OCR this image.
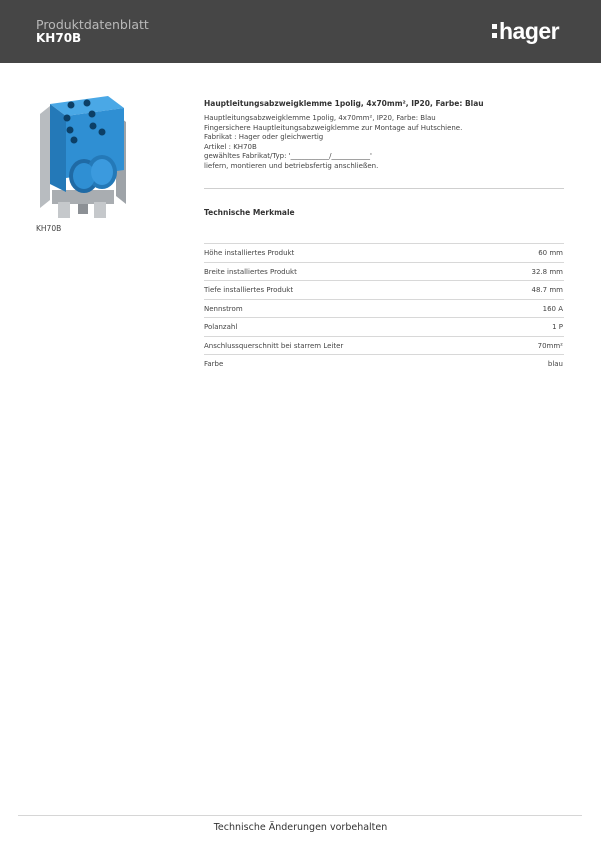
Produktdatenblatt
KH70B	hager
KH70B
Hauptleitungsabzweigklemme 1polig, 4x70mm², IP20, Farbe: Blau
Hauptleitungsabzweigklemme 1polig, 4x70mm², IP20, Farbe: Blau
Fingersichere Hauptleitungsabzweigklemme zur Montage auf Hutschiene.
Fabrikat : Hager oder gleichwertig
Artikel : KH70B
gewähltes Fabrikat/Typ: '___________/___________'
liefern, montieren und betriebsfertig anschließen.
Technische Merkmale
Höhe installiertes Produkt	60 mm
Breite installiertes Produkt	32.8 mm
Tiefe installiertes Produkt	48.7 mm
Nennstrom	160 A
Polanzahl	1 P
Anschlussquerschnitt bei starrem Leiter	70mm²
Farbe	blau
Technische Änderungen vorbehalten
